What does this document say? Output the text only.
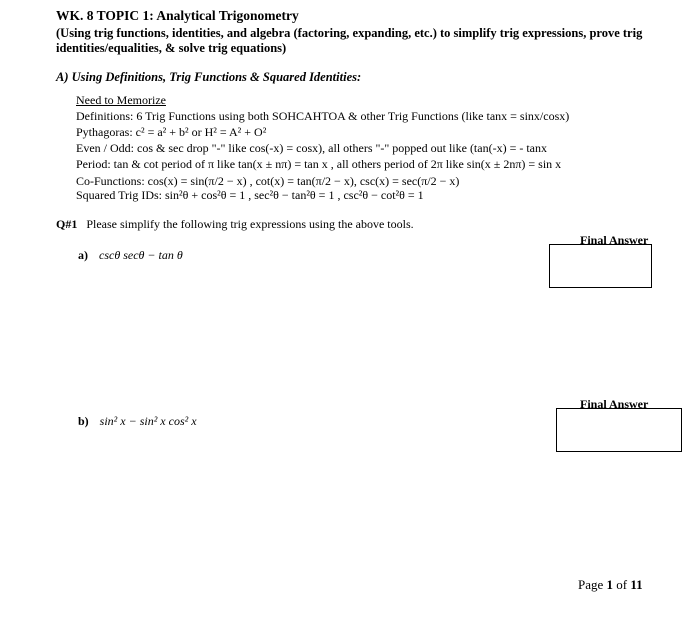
WK. 8 TOPIC 1: Analytical Trigonometry
(Using trig functions, identities, and algebra (factoring, expanding, etc.) to simplify trig expressions, prove trig identities/equalities, & solve trig equations)
A) Using Definitions, Trig Functions & Squared Identities:
Need to Memorize
Definitions: 6 Trig Functions using both SOHCAHTOA & other Trig Functions (like tanx = sinx/cosx)
Pythagoras: c² = a² + b² or H² = A² + O²
Even / Odd: cos & sec drop "-" like cos(-x) = cosx), all others "-" popped out like (tan(-x) = - tanx
Period: tan & cot period of π like tan(x ± nπ) = tan x , all others period of 2π like sin(x ± 2nπ) = sin x
Co-Functions: cos(x) = sin(π/2 − x) , cot(x) = tan(π/2 − x), csc(x) = sec(π/2 − x)
Squared Trig IDs: sin²θ + cos²θ = 1 , sec²θ − tan²θ = 1 , csc²θ − cot²θ = 1
Q#1 Please simplify the following trig expressions using the above tools.
a) cscθ secθ − tan θ
Final Answer
b) sin² x − sin² x cos² x
Final Answer
Page 1 of 11
